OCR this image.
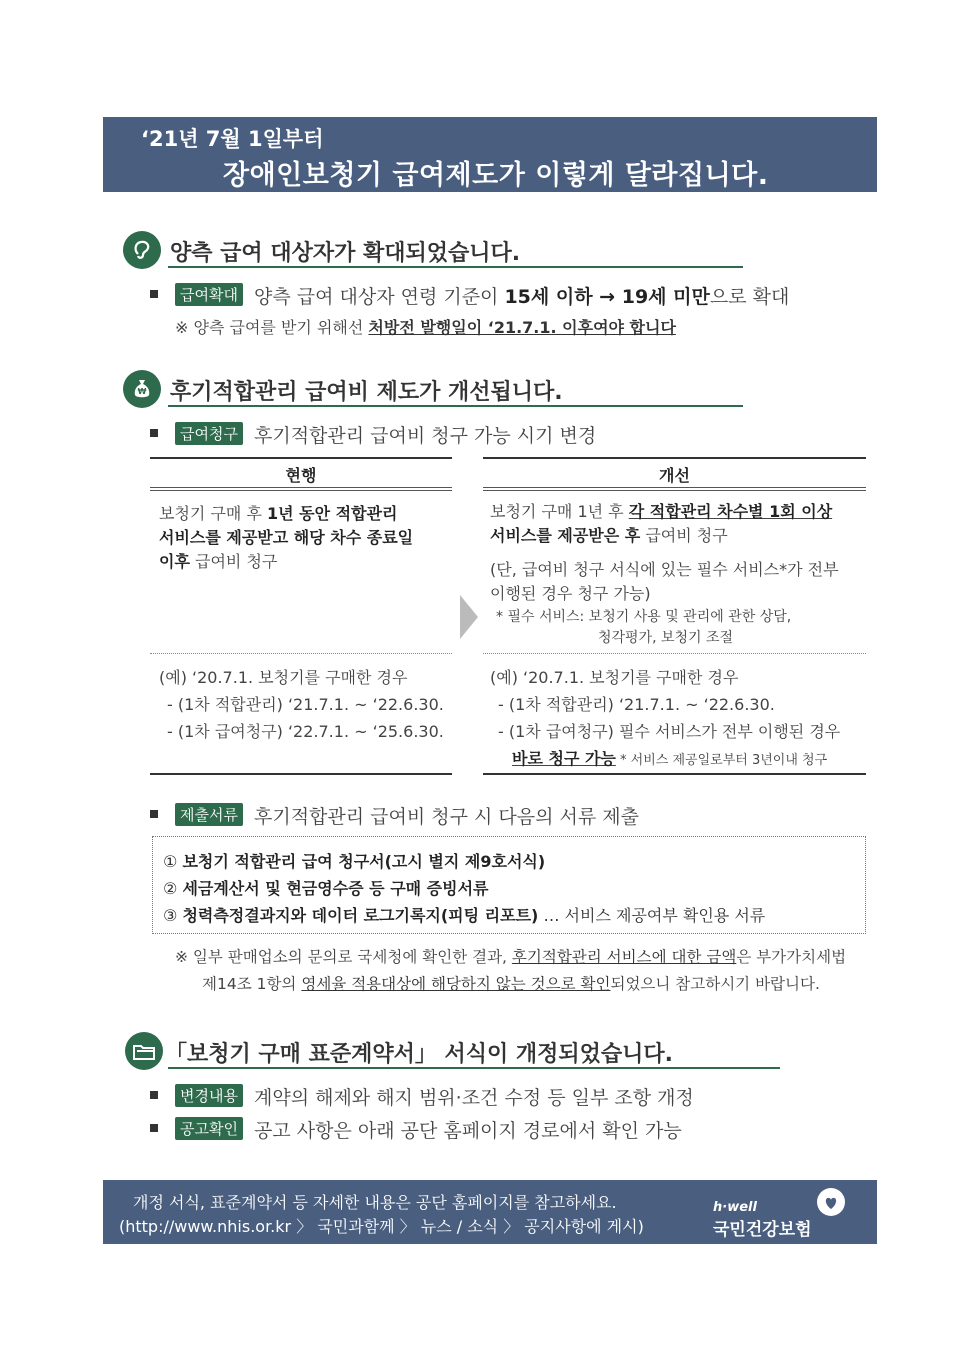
‘21년 7월 1일부터
장애인보청기 급여제도가 이렇게 달라집니다.
양측 급여 대상자가 확대되었습니다.
급여확대 양측 급여 대상자 연령 기준이 15세 이하 → 19세 미만으로 확대
※ 양측 급여를 받기 위해선 처방전 발행일이 ‘21.7.1. 이후여야 합니다
₩ 후기적합관리 급여비 제도가 개선됩니다.
급여청구 후기적합관리 급여비 청구 가능 시기 변경
현행	개선
보청기 구매 후 1년 동안 적합관리
서비스를 제공받고 해당 차수 종료일
이후 급여비 청구
보청기 구매 1년 후 각 적합관리 차수별 1회 이상
서비스를 제공받은 후 급여비 청구
(단, 급여비 청구 서식에 있는 필수 서비스*가 전부
이행된 경우 청구 가능)
* 필수 서비스: 보청기 사용 및 관리에 관한 상담,
청각평가, 보청기 조절
(예) ‘20.7.1. 보청기를 구매한 경우
- (1차 적합관리) ‘21.7.1. ~ ‘22.6.30.
- (1차 급여청구) ‘22.7.1. ~ ‘25.6.30.
(예) ‘20.7.1. 보청기를 구매한 경우
- (1차 적합관리) ‘21.7.1. ~ ‘22.6.30.
- (1차 급여청구) 필수 서비스가 전부 이행된 경우
바로 청구 가능 * 서비스 제공일로부터 3년이내 청구
제출서류 후기적합관리 급여비 청구 시 다음의 서류 제출
① 보청기 적합관리 급여 청구서(고시 별지 제9호서식)
② 세금계산서 및 현금영수증 등 구매 증빙서류
③ 청력측정결과지와 데이터 로그기록지(피팅 리포트) … 서비스 제공여부 확인용 서류
※ 일부 판매업소의 문의로 국세청에 확인한 결과, 후기적합관리 서비스에 대한 금액은 부가가치세법
제14조 1항의 영세율 적용대상에 해당하지 않는 것으로 확인되었으니 참고하시기 바랍니다.
「보청기 구매 표준계약서」 서식이 개정되었습니다.
변경내용 계약의 해제와 해지 범위·조건 수정 등 일부 조항 개정
공고확인 공고 사항은 아래 공단 홈페이지 경로에서 확인 가능
개정 서식, 표준계약서 등 자세한 내용은 공단 홈페이지를 참고하세요.
(http://www.nhis.or.kr 〉 국민과함께 〉 뉴스 / 소식 〉 공지사항에 게시)
h·well
국민건강보험
